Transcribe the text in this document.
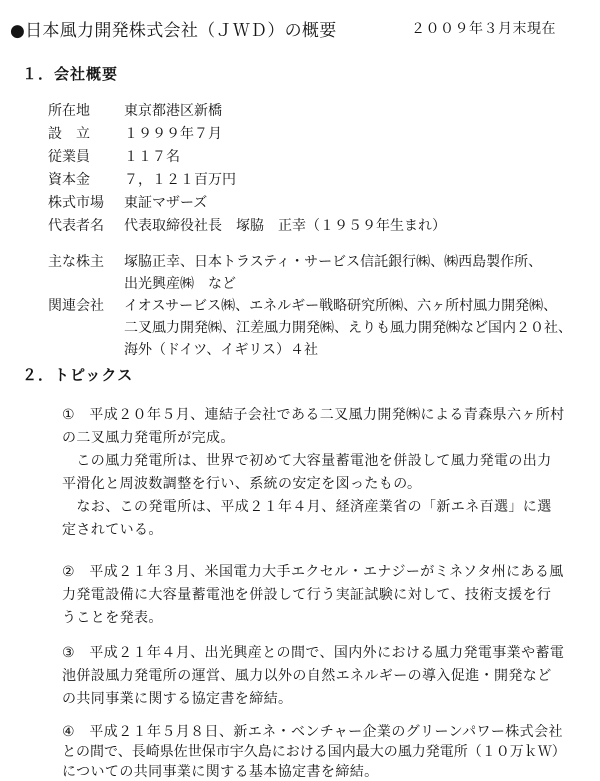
●日本風力開発株式会社（ＪＷＤ）の概要	２００９年３月末現在
１．会社概要
所在地 東京都港区新橋
設　立 １９９９年７月
従業員 １１７名
資本金 ７，１２１百万円
株式市場 東証マザーズ
代表者名 代表取締役社長　塚脇　正幸（１９５９年生まれ）
主な株主 塚脇正幸、日本トラスティ・サービス信託銀行㈱、㈱西島製作所、
出光興産㈱　など
関連会社 イオスサービス㈱、エネルギー戦略研究所㈱、六ヶ所村風力開発㈱、
二叉風力開発㈱、江差風力開発㈱、えりも風力開発㈱など国内２０社、
海外（ドイツ、イギリス）４社
２．トピックス
①　平成２０年５月、連結子会社である二叉風力開発㈱による青森県六ヶ所村
の二叉風力発電所が完成。
　この風力発電所は、世界で初めて大容量蓄電池を併設して風力発電の出力
平滑化と周波数調整を行い、系統の安定を図ったもの。
　なお、この発電所は、平成２１年４月、経済産業省の「新エネ百選」に選
定されている。
②　平成２１年３月、米国電力大手エクセル・エナジーがミネソタ州にある風
力発電設備に大容量蓄電池を併設して行う実証試験に対して、技術支援を行
うことを発表。
③　平成２１年４月、出光興産との間で、国内外における風力発電事業や蓄電
池併設風力発電所の運営、風力以外の自然エネルギーの導入促進・開発など
の共同事業に関する協定書を締結。
④　平成２１年５月８日、新エネ・ベンチャー企業のグリーンパワー株式会社
との間で、長崎県佐世保市宇久島における国内最大の風力発電所（１０万ｋＷ）
についての共同事業に関する基本協定書を締結。
